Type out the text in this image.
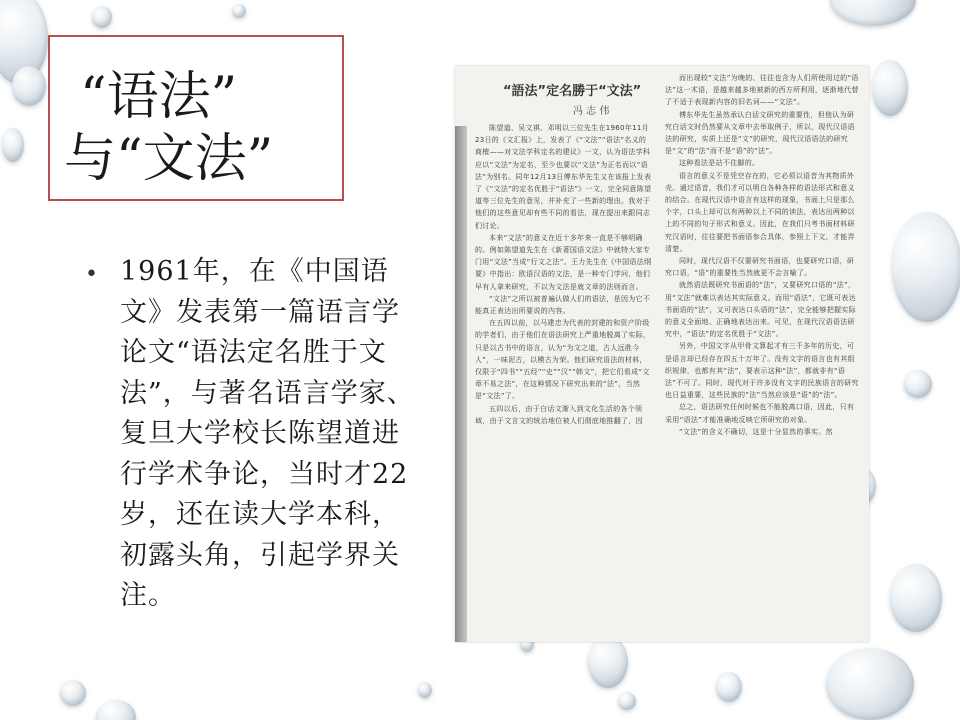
“语法”
与“文法”
• 1961年，在《中国语文》发表第一篇语言学论文“语法定名胜于文法”，与著名语言学家、复旦大学校长陈望道进行学术争论，当时才22岁，还在读大学本科，初露头角，引起学界关注。
“語法”定名勝于“文法”
冯 志 伟

陈望道、吴文祺、邓明以三位先生在1960年11月23日的《文汇报》上，发表了《“文法”“语法”名义的商榷——对文法学科定名的建议》一文，认为语法学科应以“文法”为定名，至少也要以“文法”为正名而以“语法”为别名。同年12月13日傅东华先生又在该报上发表了《“文法”的定名优胜于“语法”》一文，完全同意陈望道等三位先生的意见，并补充了一些新的理由。我对于他们的这些意见却有些不同的看法，现在提出来跟同志们讨论。

本来“文法”的意义在近十多年来一直是不够明确的。例如陈望道先生在《新著国语文法》中就特大家专门用“文法”当成“行文之法”。王力先生在《中国语法纲要》中指出：欧语汉语的文法，是一种专门学问，他们早有人拿来研究，不以为文法是就文章的法则而言。

“文法”之所以被普遍认做人们的语法，是因为它不能真正表达出所要说的内容。

在五四以前，以马建忠为代表的封建的和资产阶级的学者们，由于他们在语法研究上严重地脱离了实际，只是以古书中的语言，认为“为文之道，古人远胜今人”，一味泥古，以模古为荣。他们研究语法的材料，仅限于“四书”“五经”“史”“汉”“韩文”，把它们看成“文章不易之法”，在这种情况下研究出来的“法”，当然是“文法”了。

五四以后，由于白话文渐入到文化生活的各个领域，由于文言文的统治地位被人们彻底地推翻了，因

而出现较“文法”为晚的、往往也含为人们所使用过的“语法”这一术语，是越来越多地被新的西方所利用，逐渐地代替了不适于表现新内容的旧名词——“文法”。

傅东华先生虽然承认白话文研究的重要性，但他认为研究白话文时仍然要从文章中去举取例子，所以，现代汉语语法的研究，实质上还是“文”的研究，现代汉语语法的研究是“文”的“法”而不是“语”的“法”。

这种看法是站不住脚的。

语言的意义不是凭空存在的，它必须以语音为其物质外壳。通过语音，我们才可以明白各种各样的语法形式和意义的结合。在现代汉语中语言有这样的现象，书面上只是那么个字，口头上却可以有两种以上不同的读法，表达出两种以上的不同的句子形式和意义。因此，在我们只考书面材料研究汉语时，往往要把书面语参合具体，参照上下文，才能弄清楚。

同时，现代汉语不仅要研究书面语，也要研究口语，研究口语，“语”的重要性当然就更不会言喻了。

就然语法既研究书面语的“法”，又要研究口语的“法”，用“文法”就难以表达其实际意义。而用“语法”，它既可表达书面语的“法”，又可表达口头语的“法”，完全能够把握实际的意义全面地、正确地表达出来。可见，在现代汉语语法研究中，“语法”的定名优胜于“文法”。

另外，中国文字从甲骨文算起才有三千多年的历史，可是语言却已经存在四五十万年了。没有文字的语言也有其组织规律，也都有其“法”，要表示这种“法”，都就非有“语法”不可了。同时，现代对于许多没有文字的民族语言的研究也日益重要，这些民族的“法”当然应该是“语”的“法”。

总之，语法研究任何时候也不能脱离口语，因此，只有采用“语法”才能准确地反映它所研究的对象。

“文法”的含义不确切，这是十分显然的事实。然
